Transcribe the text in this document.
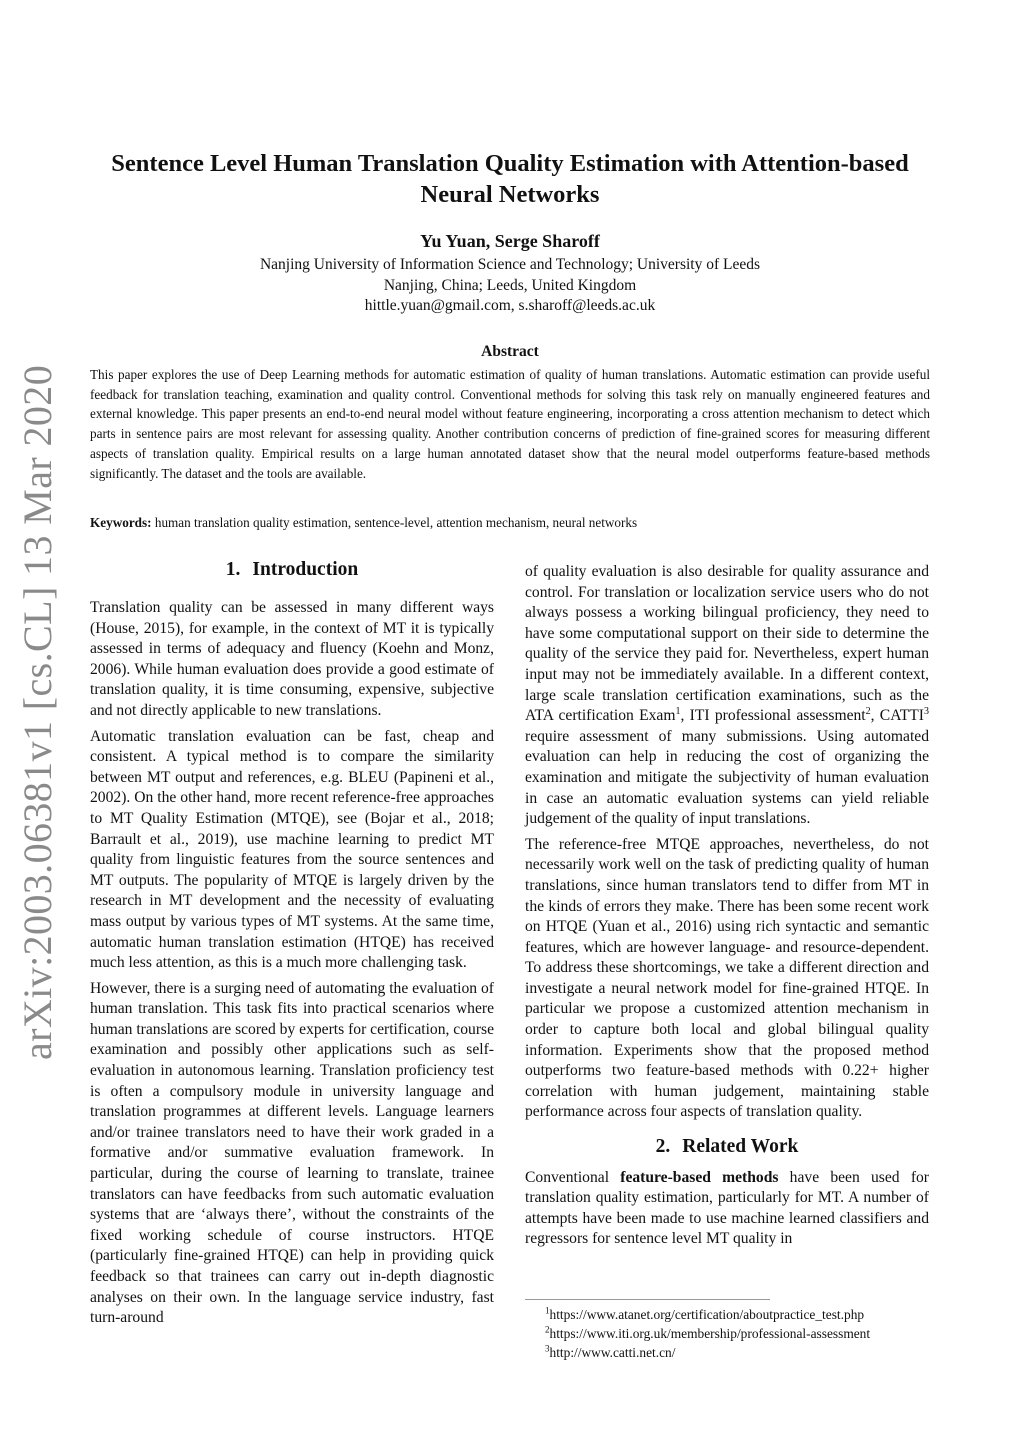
arXiv:2003.06381v1 [cs.CL] 13 Mar 2020
Sentence Level Human Translation Quality Estimation with Attention-based
Neural Networks
Yu Yuan, Serge Sharoff
Nanjing University of Information Science and Technology; University of Leeds
Nanjing, China; Leeds, United Kingdom
hittle.yuan@gmail.com, s.sharoff@leeds.ac.uk
Abstract
This paper explores the use of Deep Learning methods for automatic estimation of quality of human translations. Automatic estimation can provide useful feedback for translation teaching, examination and quality control. Conventional methods for solving this task rely on manually engineered features and external knowledge. This paper presents an end-to-end neural model without feature engineering, incorporating a cross attention mechanism to detect which parts in sentence pairs are most relevant for assessing quality. Another contribution concerns of prediction of fine-grained scores for measuring different aspects of translation quality. Empirical results on a large human annotated dataset show that the neural model outperforms feature-based methods significantly. The dataset and the tools are available.
Keywords: human translation quality estimation, sentence-level, attention mechanism, neural networks
1. Introduction

Translation quality can be assessed in many different ways (House, 2015), for example, in the context of MT it is typically assessed in terms of adequacy and fluency (Koehn and Monz, 2006). While human evaluation does provide a good estimate of translation quality, it is time consuming, expensive, subjective and not directly applicable to new translations.

Automatic translation evaluation can be fast, cheap and consistent. A typical method is to compare the similarity between MT output and references, e.g. BLEU (Papineni et al., 2002). On the other hand, more recent reference-free approaches to MT Quality Estimation (MTQE), see (Bojar et al., 2018; Barrault et al., 2019), use machine learning to predict MT quality from linguistic features from the source sentences and MT outputs. The popularity of MTQE is largely driven by the research in MT development and the necessity of evaluating mass output by various types of MT systems. At the same time, automatic human translation estimation (HTQE) has received much less attention, as this is a much more challenging task.

However, there is a surging need of automating the evaluation of human translation. This task fits into practical scenarios where human translations are scored by experts for certification, course examination and possibly other applications such as self-evaluation in autonomous learning. Translation proficiency test is often a compulsory module in university language and translation programmes at different levels. Language learners and/or trainee translators need to have their work graded in a formative and/or summative evaluation framework. In particular, during the course of learning to translate, trainee translators can have feedbacks from such automatic evaluation systems that are ‘always there’, without the constraints of the fixed working schedule of course instructors. HTQE (particularly fine-grained HTQE) can help in providing quick feedback so that trainees can carry out in-depth diagnostic analyses on their own. In the language service industry, fast turn-around

of quality evaluation is also desirable for quality assurance and control. For translation or localization service users who do not always possess a working bilingual proficiency, they need to have some computational support on their side to determine the quality of the service they paid for. Nevertheless, expert human input may not be immediately available. In a different context, large scale translation certification examinations, such as the ATA certification Exam$^1$, ITI professional assessment$^2$, CATTI$^3$ require assessment of many submissions. Using automated evaluation can help in reducing the cost of organizing the examination and mitigate the subjectivity of human evaluation in case an automatic evaluation systems can yield reliable judgement of the quality of input translations.

The reference-free MTQE approaches, nevertheless, do not necessarily work well on the task of predicting quality of human translations, since human translators tend to differ from MT in the kinds of errors they make. There has been some recent work on HTQE (Yuan et al., 2016) using rich syntactic and semantic features, which are however language- and resource-dependent. To address these shortcomings, we take a different direction and investigate a neural network model for fine-grained HTQE. In particular we propose a customized attention mechanism in order to capture both local and global bilingual quality information. Experiments show that the proposed method outperforms two feature-based methods with 0.22+ higher correlation with human judgement, maintaining stable performance across four aspects of translation quality.

2. Related Work

Conventional feature-based methods have been used for translation quality estimation, particularly for MT. A number of attempts have been made to use machine learned classifiers and regressors for sentence level MT quality in

$^1$https://www.atanet.org/certification/aboutpractice_test.php
$^2$https://www.iti.org.uk/membership/professional-assessment
$^3$http://www.catti.net.cn/
